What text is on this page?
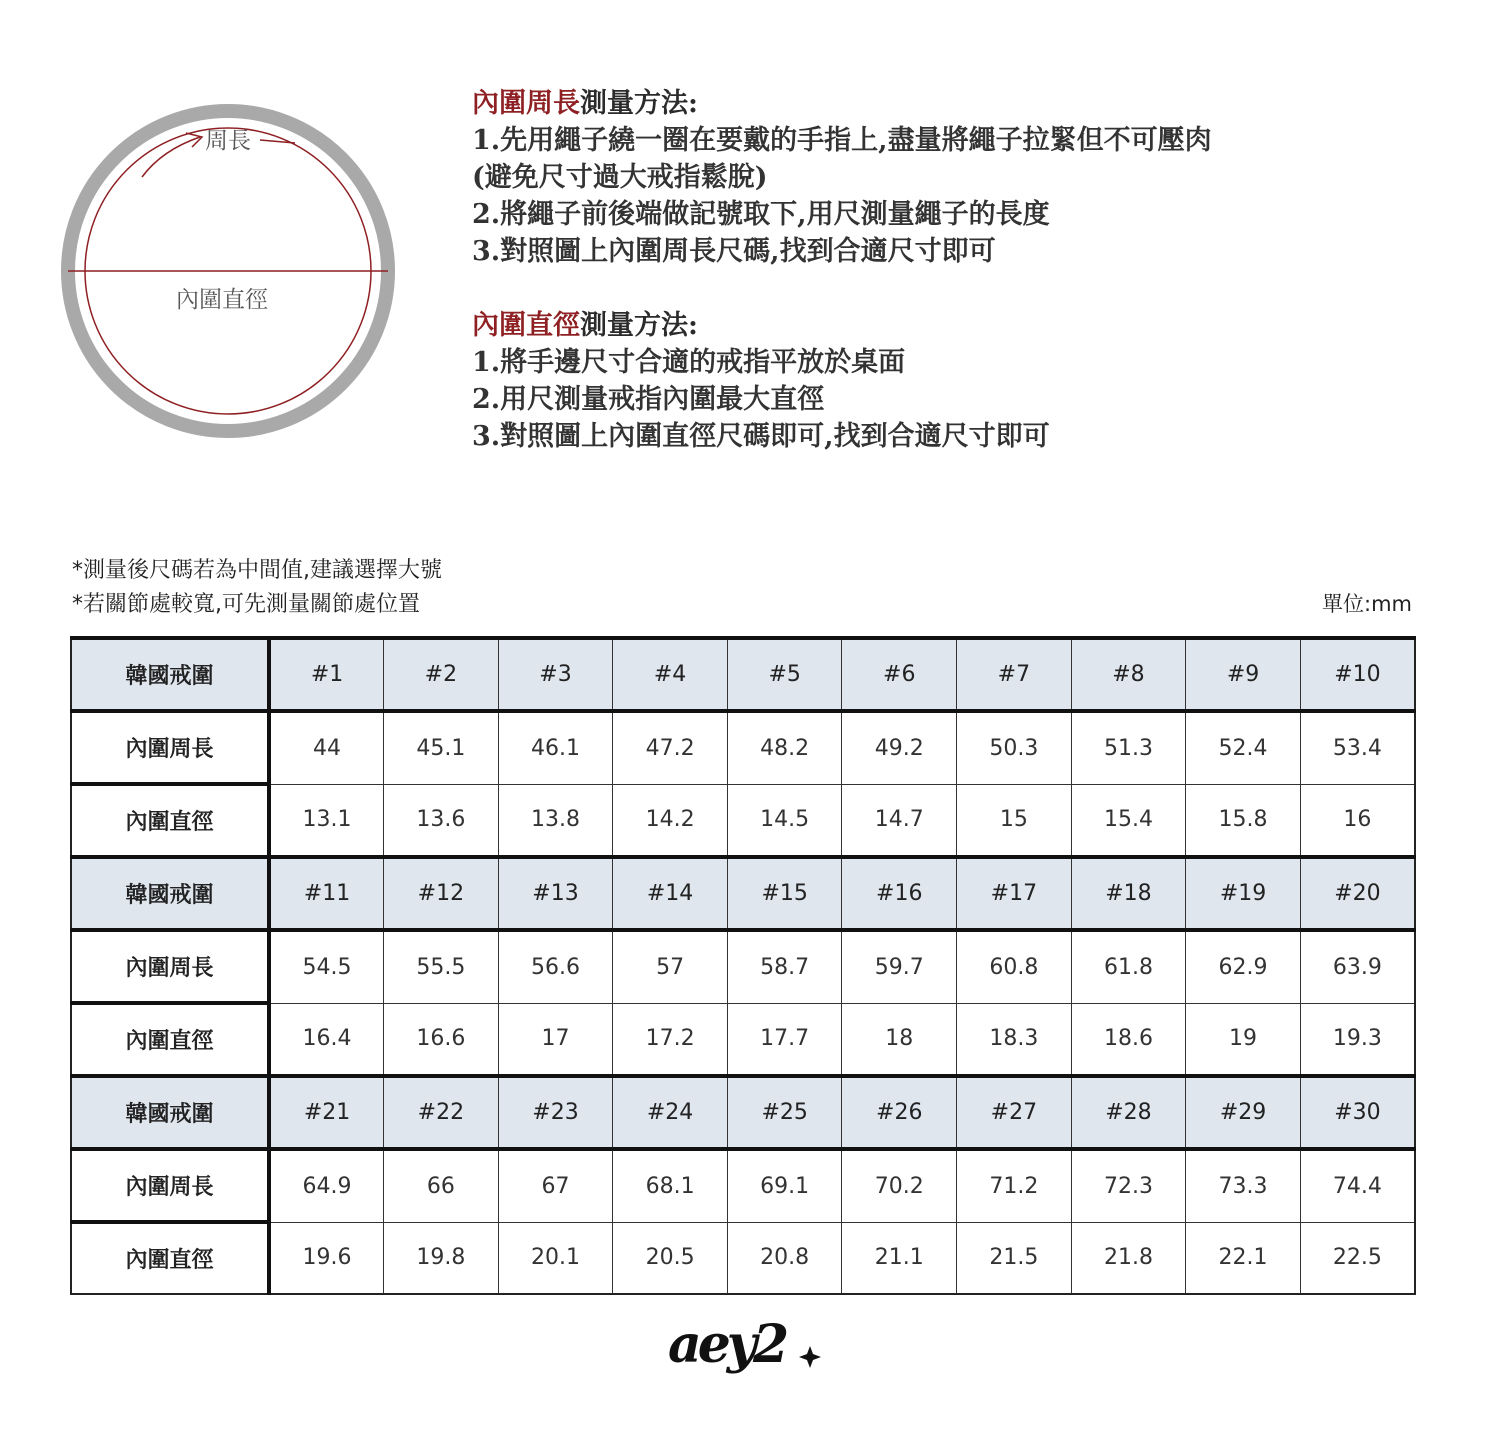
周長
內圍直徑
內圍周長測量方法:
1.先用繩子繞一圈在要戴的手指上,盡量將繩子拉緊但不可壓肉
(避免尺寸過大戒指鬆脫)
2.將繩子前後端做記號取下,用尺測量繩子的長度
3.對照圖上內圍周長尺碼,找到合適尺寸即可
內圍直徑測量方法:
1.將手邊尺寸合適的戒指平放於桌面
2.用尺測量戒指內圍最大直徑
3.對照圖上內圍直徑尺碼即可,找到合適尺寸即可
*測量後尺碼若為中間值,建議選擇大號
*若關節處較寬,可先測量關節處位置	單位:mm
韓國戒圍	#1	#2	#3	#4	#5	#6	#7	#8	#9	#10
內圍周長	44	45.1	46.1	47.2	48.2	49.2	50.3	51.3	52.4	53.4
內圍直徑	13.1	13.6	13.8	14.2	14.5	14.7	15	15.4	15.8	16
韓國戒圍	#11	#12	#13	#14	#15	#16	#17	#18	#19	#20
內圍周長	54.5	55.5	56.6	57	58.7	59.7	60.8	61.8	62.9	63.9
內圍直徑	16.4	16.6	17	17.2	17.7	18	18.3	18.6	19	19.3
韓國戒圍	#21	#22	#23	#24	#25	#26	#27	#28	#29	#30
內圍周長	64.9	66	67	68.1	69.1	70.2	71.2	72.3	73.3	74.4
內圍直徑	19.6	19.8	20.1	20.5	20.8	21.1	21.5	21.8	22.1	22.5
aey2
